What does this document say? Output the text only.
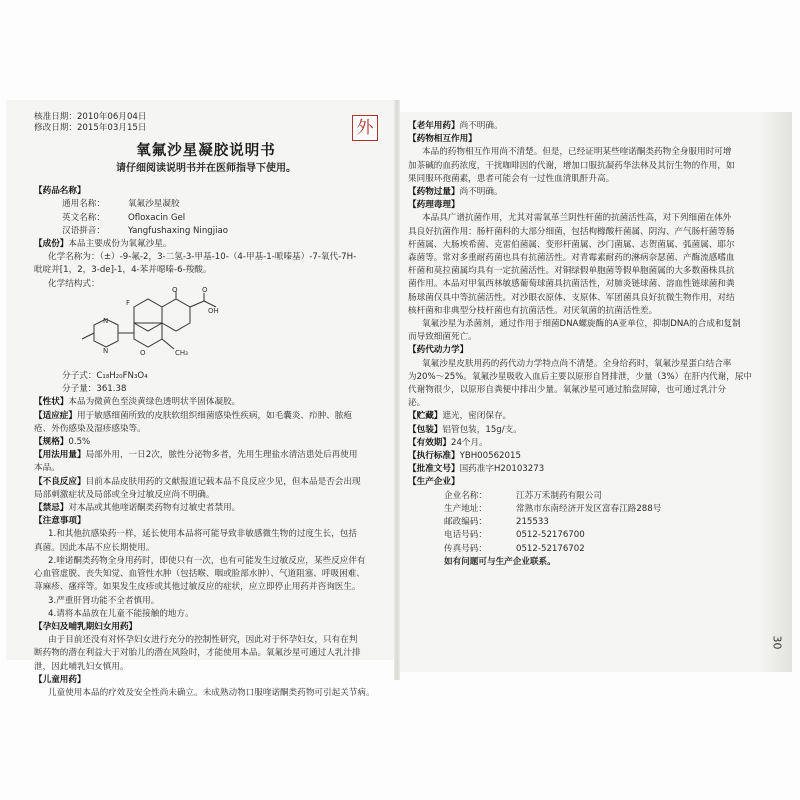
外
核准日期：2010年06月04日
修改日期：2015年03月15日
氧氟沙星凝胶说明书
请仔细阅读说明书并在医师指导下使用。
【药品名称】
通用名称：	氧氟沙星凝胶
英文名称：	Ofloxacin Gel
汉语拼音：	Yangfushaxing Ningjiao
【成份】本品主要成份为氧氟沙星。
化学名称为：（±）-9-氟-2，3-二氢-3-甲基-10-（4-甲基-1-哌嗪基）-7-氧代-7H-
吡啶并[1，2，3-de]-1，4-苯并噁嗪-6-羧酸。
化学结构式：
F
O
OH
O
N
N	O	CH₃
分子式：C₁₈H₂₀FN₃O₄
分子量：361.38
【性状】本品为微黄色至淡黄绿色透明状半固体凝胶。
【适应症】用于敏感细菌所致的皮肤软组织细菌感染性疾病，如毛囊炎、疖肿、脓疱
疮、外伤感染及湿疹感染等。
【规格】0.5%
【用法用量】局部外用，一日2次，脓性分泌物多者，先用生理盐水清洁患处后再使用
本品。
【不良反应】目前本品皮肤用药的文献报道记载本品不良反应少见，但本品是否会出现
局部刺激症状及局部或全身过敏反应尚不明确。
【禁忌】对本品或其他喹诺酮类药物有过敏史者禁用。
【注意事项】
1.和其他抗感染药一样，延长使用本品将可能导致非敏感微生物的过度生长，包括
真菌。因此本品不应长期使用。
2.喹诺酮类药物全身用药时，即使只有一次，也有可能发生过敏反应，某些反应伴有
心血管虚脱、丧失知觉、血管性水肿（包括喉、咽或脸部水肿）、气道阻塞、呼吸困难、
荨麻疹、瘙痒等。如果发生皮疹或其他过敏反应的症状，应立即停止用药并咨询医生。
3.严重肝肾功能不全者慎用。
4.请将本品放在儿童不能接触的地方。
【孕妇及哺乳期妇女用药】
由于目前还没有对怀孕妇女进行充分的控制性研究，因此对于怀孕妇女，只有在判
断药物的潜在利益大于对胎儿的潜在风险时，才能使用本品。氧氟沙星可通过人乳汁排
泄，因此哺乳妇女慎用。
【儿童用药】
儿童使用本品的疗效及安全性尚未确立。未成熟动物口服喹诺酮类药物可引起关节病。
【老年用药】尚不明确。
【药物相互作用】
本品的药物相互作用尚不清楚。但是，已经证明某些喹诺酮类药物全身服用时可增
加茶碱的血药浓度，干扰咖啡因的代谢，增加口服抗凝药华法林及其衍生物的作用，如
果同服环孢菌素，患者可能会有一过性血清肌酐升高。
【药物过量】尚不明确。
【药理毒理】
本品具广谱抗菌作用，尤其对需氧革兰阴性杆菌的抗菌活性高，对下列细菌在体外
具良好抗菌作用：肠杆菌科的大部分细菌，包括枸橼酸杆菌属、阴沟、产气肠杆菌等肠
杆菌属、大肠埃希菌、克雷伯菌属、变形杆菌属、沙门菌属、志贺菌属、弧菌属、耶尔
森菌等。常对多重耐药菌也具有抗菌活性。对青霉素耐药的淋病奈瑟菌、产酶流感嗜血
杆菌和莫拉菌属均具有一定抗菌活性。对铜绿假单胞菌等假单胞菌属的大多数菌株具抗
菌作用。本品对甲氧西林敏感葡萄球菌具抗菌活性，对肺炎链球菌、溶血性链球菌和粪
肠球菌仅具中等抗菌活性。对沙眼衣原体、支原体、军团菌具良好抗微生物作用，对结
核杆菌和非典型分枝杆菌也有抗菌活性。对厌氧菌的抗菌活性差。
氧氟沙星为杀菌剂，通过作用于细菌DNA螺旋酶的A亚单位，抑制DNA的合成和复制
而导致细菌死亡。
【药代动力学】
氧氟沙星皮肤用药的药代动力学特点尚不清楚。全身给药时，氧氟沙星蛋白结合率
为20%～25%。氧氟沙星吸收入血后主要以原形自肾排泄，少量（3%）在肝内代谢，尿中
代谢物很少，以原形自粪便中排出少量。氧氟沙星可通过胎盘屏障，也可通过乳汁分
泌。
【贮藏】遮光，密闭保存。
【包装】铝管包装，15g/支。
【有效期】24个月。
【执行标准】YBH00562015
【批准文号】国药准字H20103273
【生产企业】
企业名称：	江苏万禾制药有限公司
生产地址：	常熟市东南经济开发区富春江路288号
邮政编码：	215533
电话号码：	0512-52176700
传真号码：	0512-52176702
如有问题可与生产企业联系。
30
